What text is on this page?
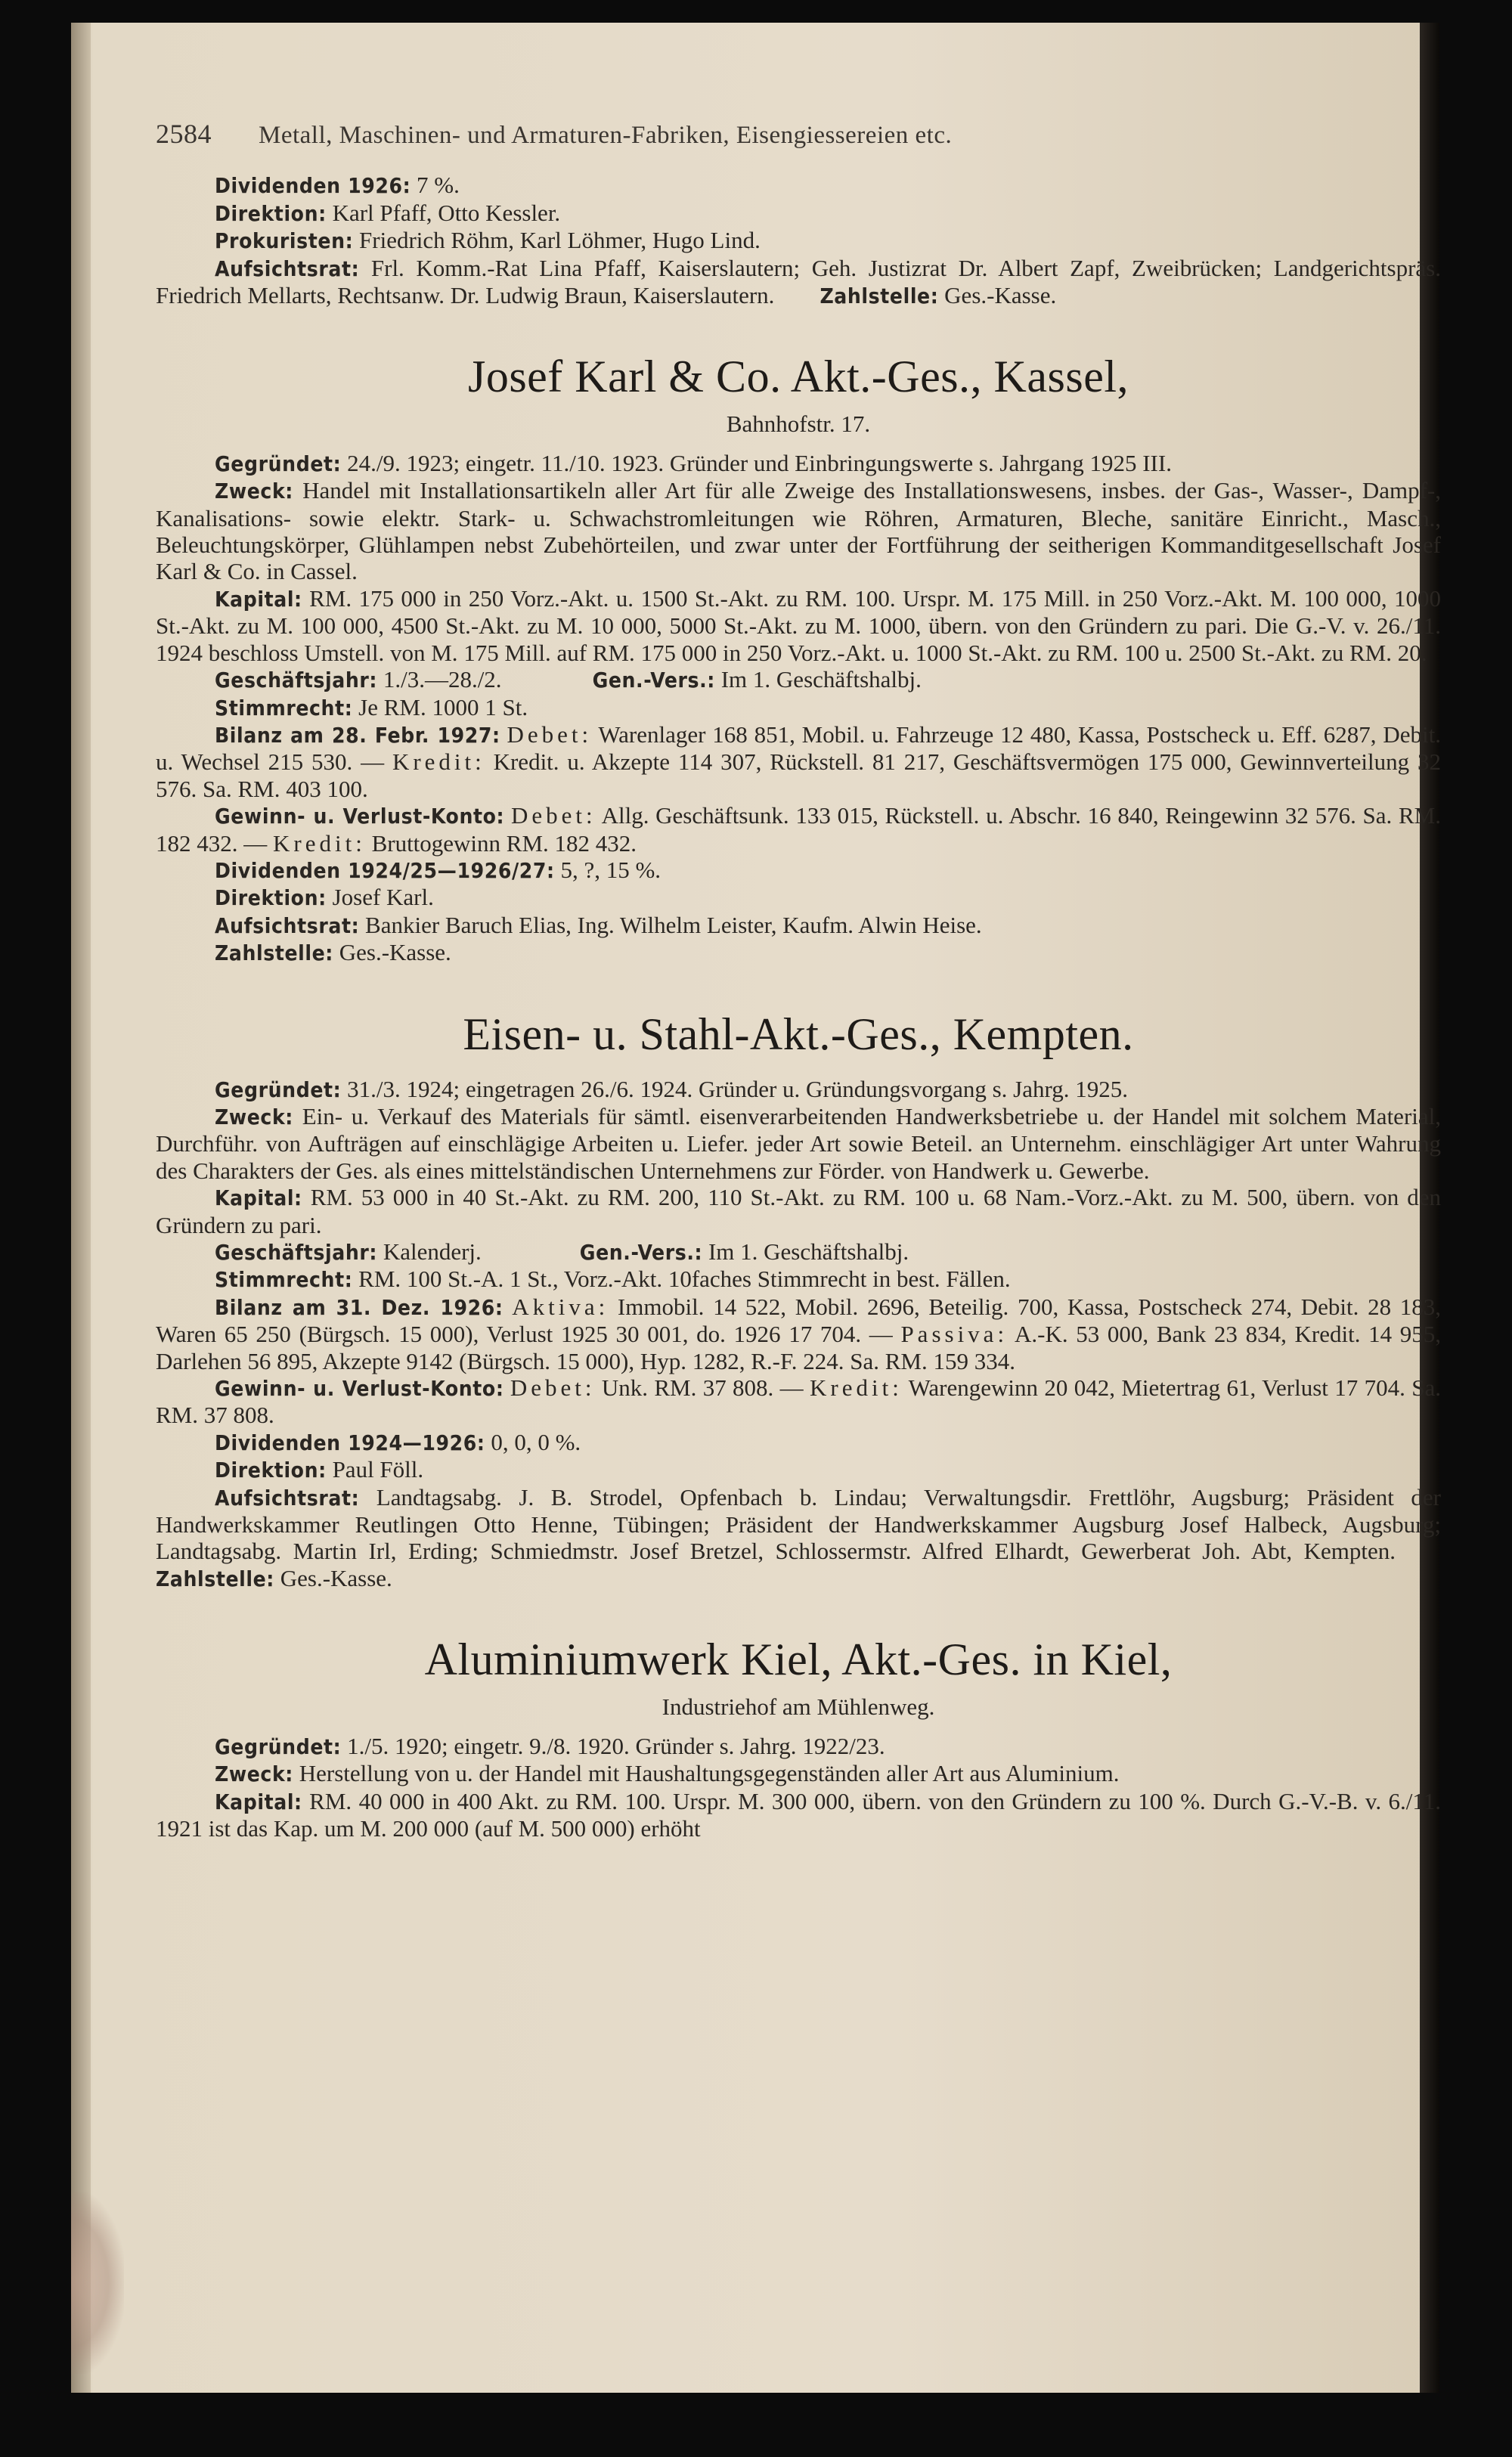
2584 Metall, Maschinen- und Armaturen-Fabriken, Eisengiessereien etc.

Dividenden 1926: 7 %.

Direktion: Karl Pfaff, Otto Kessler.

Prokuristen: Friedrich Röhm, Karl Löhmer, Hugo Lind.

Aufsichtsrat: Frl. Komm.-Rat Lina Pfaff, Kaiserslautern; Geh. Justizrat Dr. Albert Zapf, Zweibrücken; Landgerichtspräs. Friedrich Mellarts, Rechtsanw. Dr. Ludwig Braun, Kaiserslautern. Zahlstelle: Ges.-Kasse.

Josef Karl & Co. Akt.-Ges., Kassel,
Bahnhofstr. 17.

Gegründet: 24./9. 1923; eingetr. 11./10. 1923. Gründer und Einbringungswerte s. Jahrgang 1925 III.

Zweck: Handel mit Installationsartikeln aller Art für alle Zweige des Installationswesens, insbes. der Gas-, Wasser-, Dampf-, Kanalisations- sowie elektr. Stark- u. Schwachstromleitungen wie Röhren, Armaturen, Bleche, sanitäre Einricht., Masch., Beleuchtungskörper, Glühlampen nebst Zubehörteilen, und zwar unter der Fortführung der seitherigen Kommanditgesellschaft Josef Karl & Co. in Cassel.

Kapital: RM. 175 000 in 250 Vorz.-Akt. u. 1500 St.-Akt. zu RM. 100. Urspr. M. 175 Mill. in 250 Vorz.-Akt. M. 100 000, 1000 St.-Akt. zu M. 100 000, 4500 St.-Akt. zu M. 10 000, 5000 St.-Akt. zu M. 1000, übern. von den Gründern zu pari. Die G.-V. v. 26./11. 1924 beschloss Umstell. von M. 175 Mill. auf RM. 175 000 in 250 Vorz.-Akt. u. 1000 St.-Akt. zu RM. 100 u. 2500 St.-Akt. zu RM. 20.

Geschäftsjahr: 1./3.—28./2.	Gen.-Vers.: Im 1. Geschäftshalbj.

Stimmrecht: Je RM. 1000 1 St.

Bilanz am 28. Febr. 1927: Debet: Warenlager 168 851, Mobil. u. Fahrzeuge 12 480, Kassa, Postscheck u. Eff. 6287, Debit. u. Wechsel 215 530. — Kredit: Kredit. u. Akzepte 114 307, Rückstell. 81 217, Geschäftsvermögen 175 000, Gewinnverteilung 32 576. Sa. RM. 403 100.

Gewinn- u. Verlust-Konto: Debet: Allg. Geschäftsunk. 133 015, Rückstell. u. Abschr. 16 840, Reingewinn 32 576. Sa. RM. 182 432. — Kredit: Bruttogewinn RM. 182 432.

Dividenden 1924/25—1926/27: 5, ?, 15 %.

Direktion: Josef Karl.

Aufsichtsrat: Bankier Baruch Elias, Ing. Wilhelm Leister, Kaufm. Alwin Heise.

Zahlstelle: Ges.-Kasse.

Eisen- u. Stahl-Akt.-Ges., Kempten.

Gegründet: 31./3. 1924; eingetragen 26./6. 1924. Gründer u. Gründungsvorgang s. Jahrg. 1925.

Zweck: Ein- u. Verkauf des Materials für sämtl. eisenverarbeitenden Handwerksbetriebe u. der Handel mit solchem Material, Durchführ. von Aufträgen auf einschlägige Arbeiten u. Liefer. jeder Art sowie Beteil. an Unternehm. einschlägiger Art unter Wahrung des Charakters der Ges. als eines mittelständischen Unternehmens zur Förder. von Handwerk u. Gewerbe.

Kapital: RM. 53 000 in 40 St.-Akt. zu RM. 200, 110 St.-Akt. zu RM. 100 u. 68 Nam.-Vorz.-Akt. zu M. 500, übern. von den Gründern zu pari.

Geschäftsjahr: Kalenderj.	Gen.-Vers.: Im 1. Geschäftshalbj.

Stimmrecht: RM. 100 St.-A. 1 St., Vorz.-Akt. 10faches Stimmrecht in best. Fällen.

Bilanz am 31. Dez. 1926: Aktiva: Immobil. 14 522, Mobil. 2696, Beteilig. 700, Kassa, Postscheck 274, Debit. 28 183, Waren 65 250 (Bürgsch. 15 000), Verlust 1925 30 001, do. 1926 17 704. — Passiva: A.-K. 53 000, Bank 23 834, Kredit. 14 955, Darlehen 56 895, Akzepte 9142 (Bürgsch. 15 000), Hyp. 1282, R.-F. 224. Sa. RM. 159 334.

Gewinn- u. Verlust-Konto: Debet: Unk. RM. 37 808. — Kredit: Warengewinn 20 042, Mietertrag 61, Verlust 17 704. Sa. RM. 37 808.

Dividenden 1924—1926: 0, 0, 0 %.

Direktion: Paul Föll.

Aufsichtsrat: Landtagsabg. J. B. Strodel, Opfenbach b. Lindau; Verwaltungsdir. Frettlöhr, Augsburg; Präsident der Handwerkskammer Reutlingen Otto Henne, Tübingen; Präsident der Handwerkskammer Augsburg Josef Halbeck, Augsburg; Landtagsabg. Martin Irl, Erding; Schmiedmstr. Josef Bretzel, Schlossermstr. Alfred Elhardt, Gewerberat Joh. Abt, Kempten.Zahlstelle: Ges.-Kasse.

Aluminiumwerk Kiel, Akt.-Ges. in Kiel,
Industriehof am Mühlenweg.

Gegründet: 1./5. 1920; eingetr. 9./8. 1920. Gründer s. Jahrg. 1922/23.

Zweck: Herstellung von u. der Handel mit Haushaltungsgegenständen aller Art aus Aluminium.

Kapital: RM. 40 000 in 400 Akt. zu RM. 100. Urspr. M. 300 000, übern. von den Gründern zu 100 %. Durch G.-V.-B. v. 6./11. 1921 ist das Kap. um M. 200 000 (auf M. 500 000) erhöht
